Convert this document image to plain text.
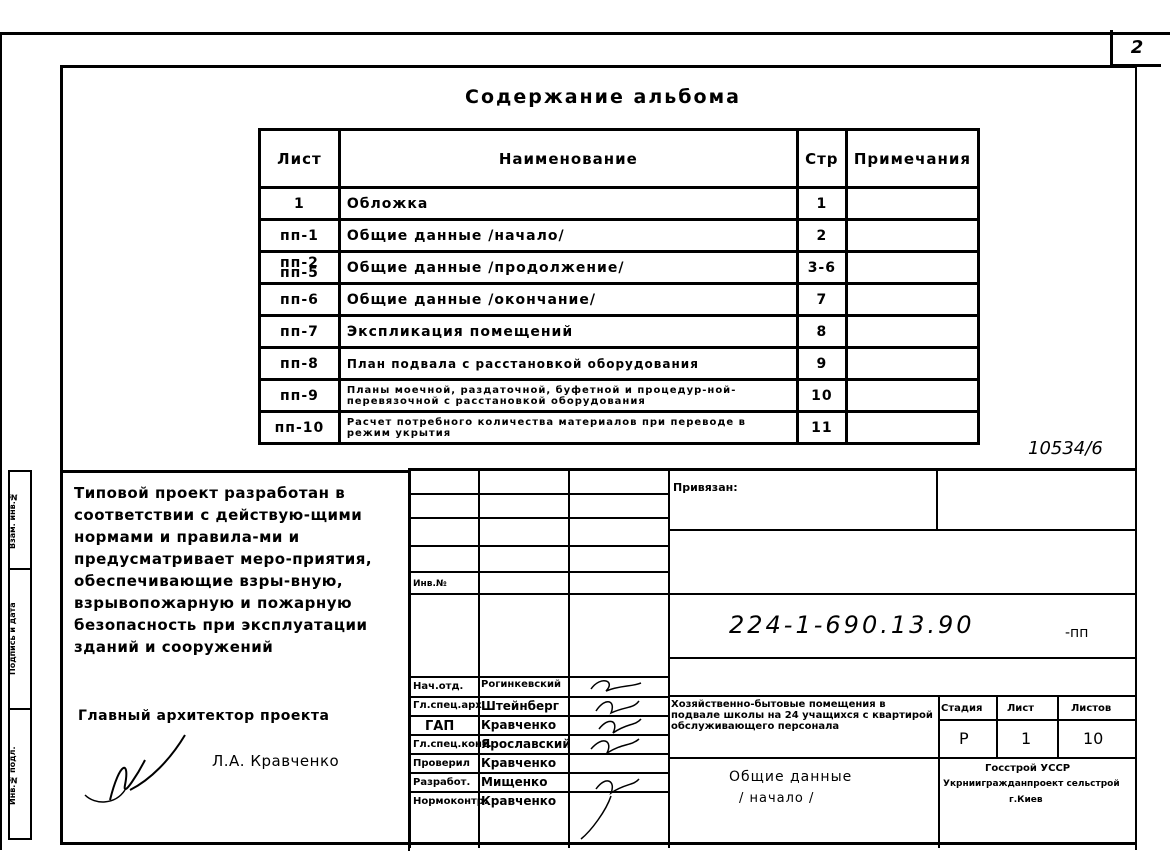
2
Содержание альбома
Лист	Наименование	Стр	Примечания
1	Обложка	1	
пп-1	Общие данные /начало/	2	
пп-2 пп-5	Общие данные /продолжение/	3-6	
пп-6	Общие данные /окончание/	7	
пп-7	Экспликация помещений	8	
пп-8	План подвала с расстановкой оборудования	9	
пп-9	Планы моечной, раздаточной, буфетной и процедур-ной-перевязочной с расстановкой оборудования	10	
пп-10	Расчет потребного количества материалов при переводе в режим укрытия	11	
10534/6
Типовой проект разработан в соответствии с действую-щими нормами и правила-ми и предусматривает меро-приятия, обеспечивающие взры-вную, взрывопожарную и пожарную безопасность при эксплуатации зданий и сооружений
Главный архитектор проекта
Л.А. Кравченко
Взам. инв.№
Подпись и дата
Инв.№ подл.
Инв.№
Нач.отд. Рогинкевский
Гл.спец.арх.
Штейнберг
ГАП Кравченко
Гл.спец.конс.
Ярославский
Проверил Кравченко
Разработ. Мищенко
Нормоконтр.
Кравченко
Привязан:
224-1-690.13.90	-пп
Хозяйственно-бытовые помещения в подвале школы на 24 учащихся с квартирой обслуживающего персонала
Стадия Лист	Листов
Р	1	10
Общие данные
/ начало /
Госстрой УССР
Укрниигражданпроект сельстрой
г.Киев
